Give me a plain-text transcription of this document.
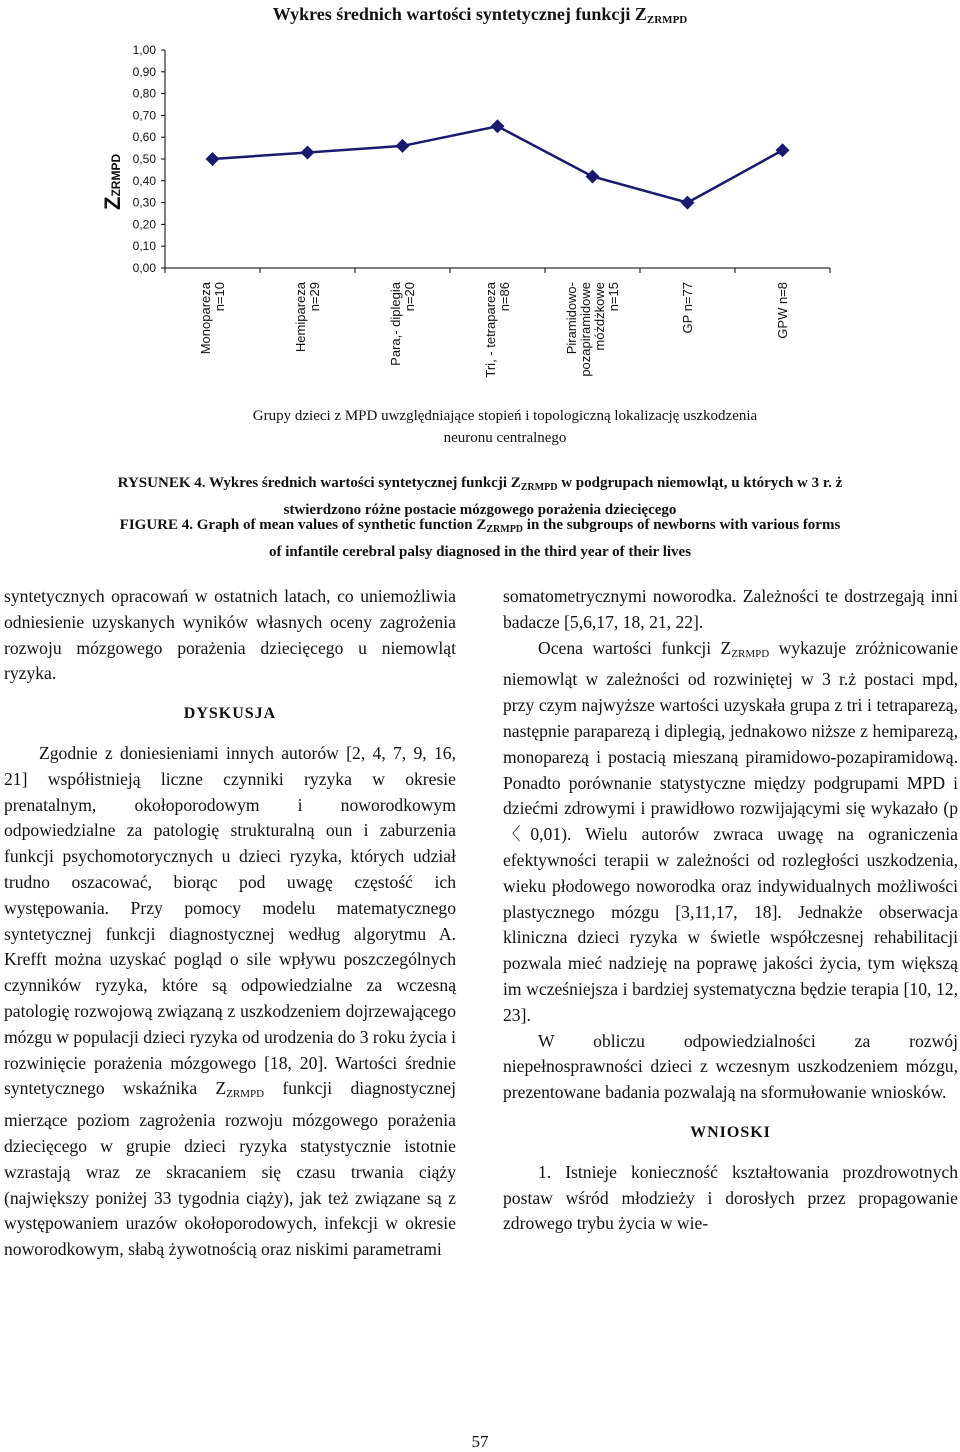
Wykres średnich wartości syntetycznej funkcji $Z_{ZRMPD}$
ZZRMPD
1,00
0,90
0,80
0,70
0,60
0,50
0,40
0,30
0,20
0,10
0,00
Monoparezan=10	Hemiparezan=29	Para,- diplegian=20	Tri, - tetraparezan=86	Piramidowo-pozapiramidowemóżdżkowen=15	GP n=77	GPW n=8
Grupy dzieci z MPD uwzględniające stopień i topologiczną lokalizację uszkodzenia
neuronu centralnego
RYSUNEK 4. Wykres średnich wartości syntetycznej funkcji $Z_{ZRMPD}$ w podgrupach niemowląt, u których w 3 r. ż
stwierdzono różne postacie mózgowego porażenia dziecięcego
FIGURE 4. Graph of mean values of synthetic function $Z_{ZRMPD}$ in the subgroups of newborns with various forms
of infantile cerebral palsy diagnosed in the third year of their lives

syntetycznych opracowań w ostatnich latach, co uniemożliwia odniesienie uzyskanych wyników własnych oceny zagrożenia rozwoju mózgowego porażenia dziecięcego u niemowląt ryzyka.

DYSKUSJA

Zgodnie z doniesieniami innych autorów [2, 4, 7, 9, 16, 21] współistnieją liczne czynniki ryzyka w okresie prenatalnym, okołoporodowym i noworodkowym odpowiedzialne za patologię strukturalną oun i zaburzenia funkcji psychomotorycznych u dzieci ryzyka, których udział trudno oszacować, biorąc pod uwagę częstość ich występowania. Przy pomocy modelu matematycznego syntetycznej funkcji diagnostycznej według algorytmu A. Krefft można uzyskać pogląd o sile wpływu poszczególnych czynników ryzyka, które są odpowiedzialne za wczesną patologię rozwojową związaną z uszkodzeniem dojrzewającego mózgu w populacji dzieci ryzyka od urodzenia do 3 roku życia i rozwinięcie porażenia mózgowego [18, 20]. Wartości średnie syntetycznego wskaźnika $Z_{ZRMPD}$ funkcji diagnostycznej mierzące poziom zagrożenia rozwoju mózgowego porażenia dziecięcego w grupie dzieci ryzyka statystycznie istotnie wzrastają wraz ze skracaniem się czasu trwania ciąży (największy poniżej 33 tygodnia ciąży), jak też związane są z występowaniem urazów okołoporodowych, infekcji w okresie noworodkowym, słabą żywotnością oraz niskimi parametrami

somatometrycznymi noworodka. Zależności te dostrzegają inni badacze [5,6,17, 18, 21, 22].

Ocena wartości funkcji $Z_{ZRMPD}$ wykazuje zróżnicowanie niemowląt w zależności od rozwiniętej w 3 r.ż postaci mpd, przy czym najwyższe wartości uzyskała grupa z tri i tetraparezą, następnie paraparezą i diplegią, jednakowo niższe z hemiparezą, monoparezą i postacią mieszaną piramidowo-pozapiramidową. Ponadto porównanie statystyczne między podgrupami MPD i dziećmi zdrowymi i prawidłowo rozwijającymi się wykazało (p〈0,01). Wielu autorów zwraca uwagę na ograniczenia efektywności terapii w zależności od rozległości uszkodzenia, wieku płodowego noworodka oraz indywidualnych możliwości plastycznego mózgu [3,11,17, 18]. Jednakże obserwacja kliniczna dzieci ryzyka w świetle współczesnej rehabilitacji pozwala mieć nadzieję na poprawę jakości życia, tym większą im wcześniejsza i bardziej systematyczna będzie terapia [10, 12, 23].

W obliczu odpowiedzialności za rozwój niepełnosprawności dzieci z wczesnym uszkodzeniem mózgu, prezentowane badania pozwalają na sformułowanie wniosków.

WNIOSKI

1. Istnieje konieczność kształtowania prozdrowotnych postaw wśród młodzieży i dorosłych przez propagowanie zdrowego trybu życia w wie-

57
